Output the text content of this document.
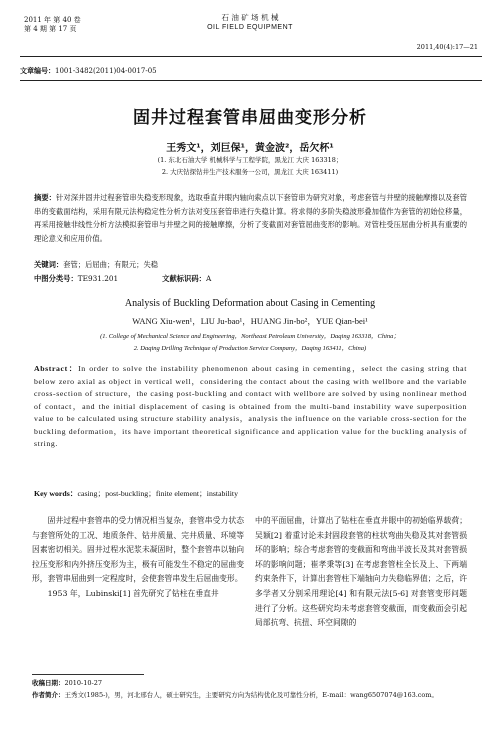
2011 年 第 40 卷
第 4 期 第 17 页
石 油 矿 场 机 械
OIL FIELD EQUIPMENT
2011,40(4):17—21
文章编号：1001-3482(2011)04-0017-05
固井过程套管串屈曲变形分析
王秀文¹，刘巨保¹，黄金波²，岳欠杯¹
(1. 东北石油大学 机械科学与工程学院，黑龙江 大庆 163318；
2. 大庆钻探钻井生产技术服务一公司，黑龙江 大庆 163411)
摘要：针对深井固井过程套管串失稳变形现象，选取垂直井眼内轴向索点以下套管串为研究对象，考虑套管与井壁的接触摩擦以及套管串的变截面结构，采用有限元法构稳定性分析方法对变压套管串进行失稳计算。将求得的多阶失稳波形叠加值作为套管的初始位移量，再采用接触非线性分析方法模拟套管串与井壁之间的接触摩擦，分析了变截面对套管屈曲变形的影响。对管柱受压屈曲分析具有重要的理论意义和应用价值。
关键词：套管；后屈曲；有限元；失稳
中图分类号：TE931.201	文献标识码：A
Analysis of Buckling Deformation about Casing in Cementing
WANG Xiu-wen¹，LIU Ju-bao¹，HUANG Jin-bo²，YUE Qian-bei¹
(1. College of Mechanical Science and Engineering，Northeast Petroleum University，Daqing 163318，China；
2. Daqing Drilling Technique of Production Service Company，Daqing 163411，China)
Abstract：In order to solve the instability phenomenon about casing in cementing，select the casing string that below zero axial as object in vertical well，considering the contact about the casing with wellbore and the variable cross-section of structure，the casing post-buckling and contact with wellbore are solved by using nonlinear method of contact，and the initial displacement of casing is obtained from the multi-band instability wave superposition value to be calculated using structure stability analysis，analysis the influence on the variable cross-section for the buckling deformation，its have important theoretical significance and application value for the buckling analysis of string.
Key words：casing；post-buckling；finite element；instability

固井过程中套管串的受力情况相当复杂，套管串受力状态与套管所处的工况、地质条件、钻井质量、完井质量、环境等因素密切相关。固井过程水泥浆未凝固时，整个套管串以轴向拉压变形和内外挤压变形为主，极有可能发生不稳定的屈曲变形，套管串屈曲到一定程度时，会使套管串发生后屈曲变形。

1953 年，Lubinski[1] 首先研究了钻柱在垂直井

中的平面屈曲，计算出了钻柱在垂直井眼中的初始临界载荷；吴颖[2] 着重讨论未封固段套管的柱状弯曲失稳及其对套管损坏的影响；综合考虑套管的变截面和弯曲半波长及其对套管损坏的影响问题；崔孝秉等[3] 在考虑套管柱全长及上、下两端约束条件下，计算出套管柱下端轴向力失稳临界值；之后，许多学者又分别采用理论[4] 和有限元法[5-6] 对套管变形问题进行了分析。这些研究均未考虑套管变截面，而变截面会引起局部抗弯、抗扭、环空间隙的

收稿日期：2010-10-27
作者简介：王秀文(1985-)，男，河北邢台人，硕士研究生，主要研究方向为结构优化及可靠性分析，E-mail：wang6507074@163.com。
